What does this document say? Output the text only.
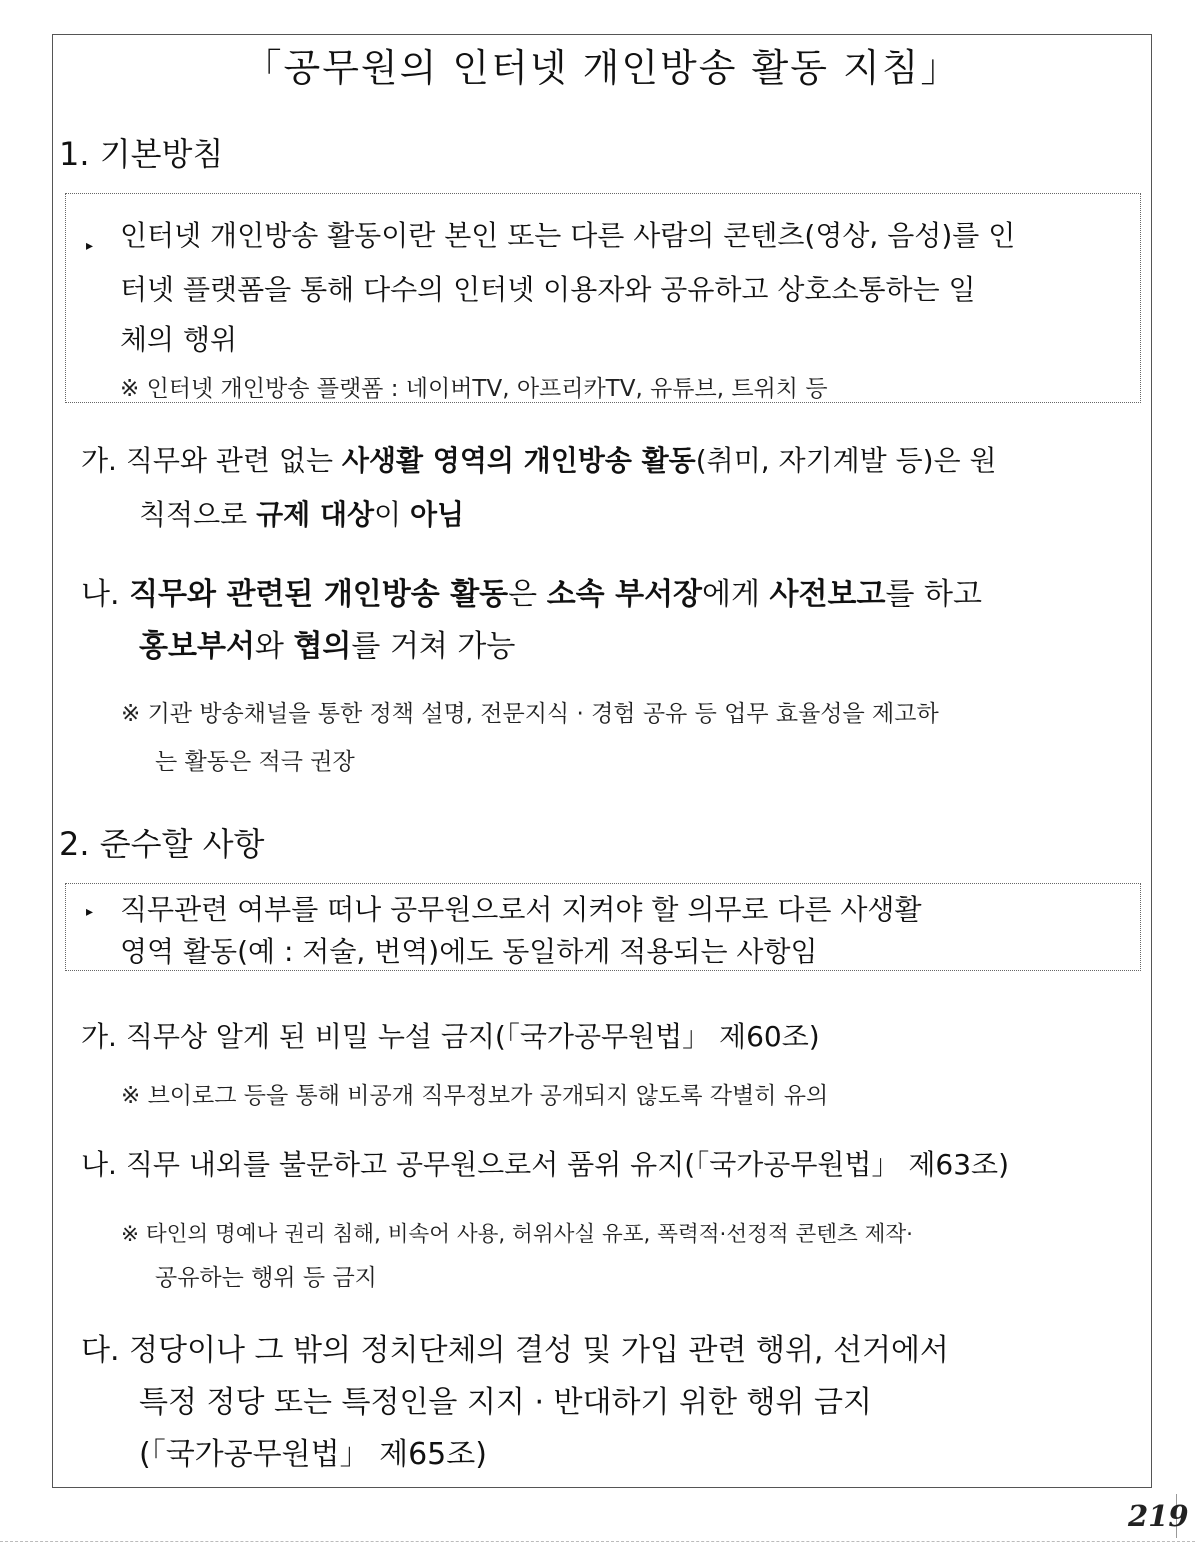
「공무원의 인터넷 개인방송 활동 지침」
1. 기본방침
▸ 인터넷 개인방송 활동이란 본인 또는 다른 사람의 콘텐츠(영상, 음성)를 인
터넷 플랫폼을 통해 다수의 인터넷 이용자와 공유하고 상호소통하는 일
체의 행위
※ 인터넷 개인방송 플랫폼 : 네이버TV, 아프리카TV, 유튜브, 트위치 등
가. 직무와 관련 없는 사생활 영역의 개인방송 활동(취미, 자기계발 등)은 원
칙적으로 규제 대상이 아님
나. 직무와 관련된 개인방송 활동은 소속 부서장에게 사전보고를 하고
홍보부서와 협의를 거쳐 가능
※ 기관 방송채널을 통한 정책 설명, 전문지식 · 경험 공유 등 업무 효율성을 제고하
는 활동은 적극 권장
2. 준수할 사항
▸ 직무관련 여부를 떠나 공무원으로서 지켜야 할 의무로 다른 사생활
영역 활동(예 : 저술, 번역)에도 동일하게 적용되는 사항임
가. 직무상 알게 된 비밀 누설 금지(「국가공무원법」 제60조)
※ 브이로그 등을 통해 비공개 직무정보가 공개되지 않도록 각별히 유의
나. 직무 내외를 불문하고 공무원으로서 품위 유지(「국가공무원법」 제63조)
※ 타인의 명예나 권리 침해, 비속어 사용, 허위사실 유포, 폭력적·선정적 콘텐츠 제작·
공유하는 행위 등 금지
다. 정당이나 그 밖의 정치단체의 결성 및 가입 관련 행위, 선거에서
특정 정당 또는 특정인을 지지 · 반대하기 위한 행위 금지
(「국가공무원법」 제65조)
219
